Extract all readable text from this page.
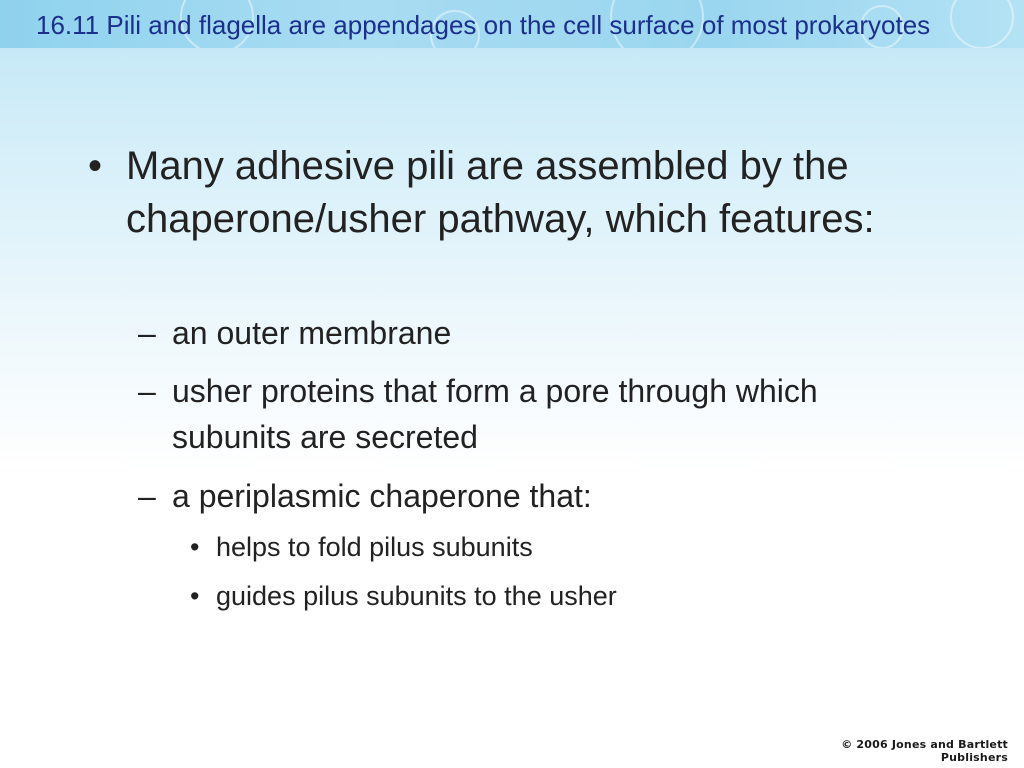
16.11 Pili and flagella are appendages on the cell surface of most prokaryotes
• Many adhesive pili are assembled by the chaperone/usher pathway, which features:
– an outer membrane
– usher proteins that form a pore through which subunits are secreted
– a periplasmic chaperone that:
• helps to fold pilus subunits
• guides pilus subunits to the usher
© 2006 Jones and Bartlett Publishers
